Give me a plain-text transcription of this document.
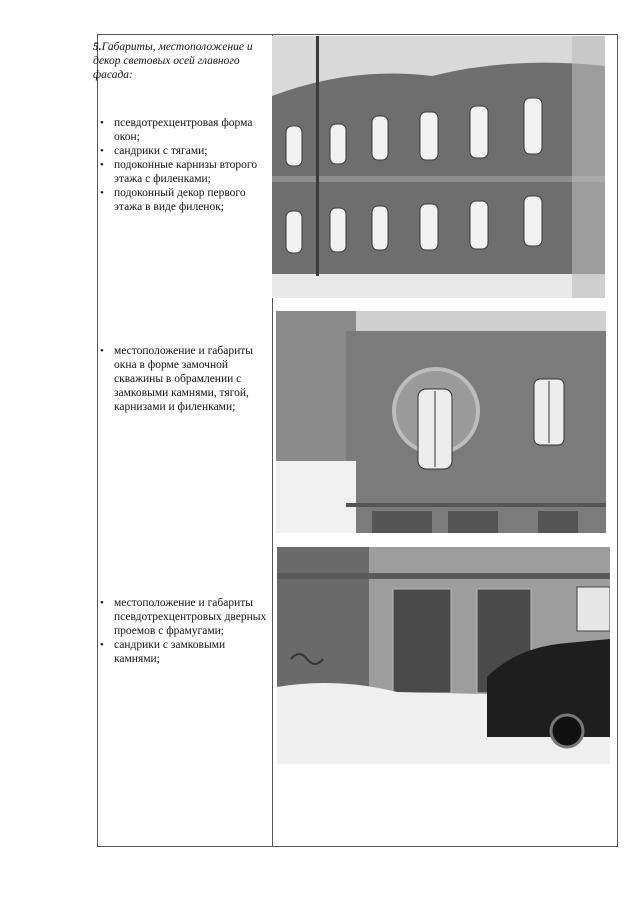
5.Габариты, местоположение и декор световых осей главного фасада:
• псевдотрехцентровая форма окон;
• сандрики с тягами;
• подоконные карнизы второго этажа с филенками;
• подоконный декор первого этажа в виде филенок;
• местоположение и габариты окна в форме замочной скважины в обрамлении с замковыми камнями, тягой, карнизами и филенками;
• местоположение и габариты псевдотрехцентровых дверных проемов с фрамугами;
• сандрики с замковыми камнями;
